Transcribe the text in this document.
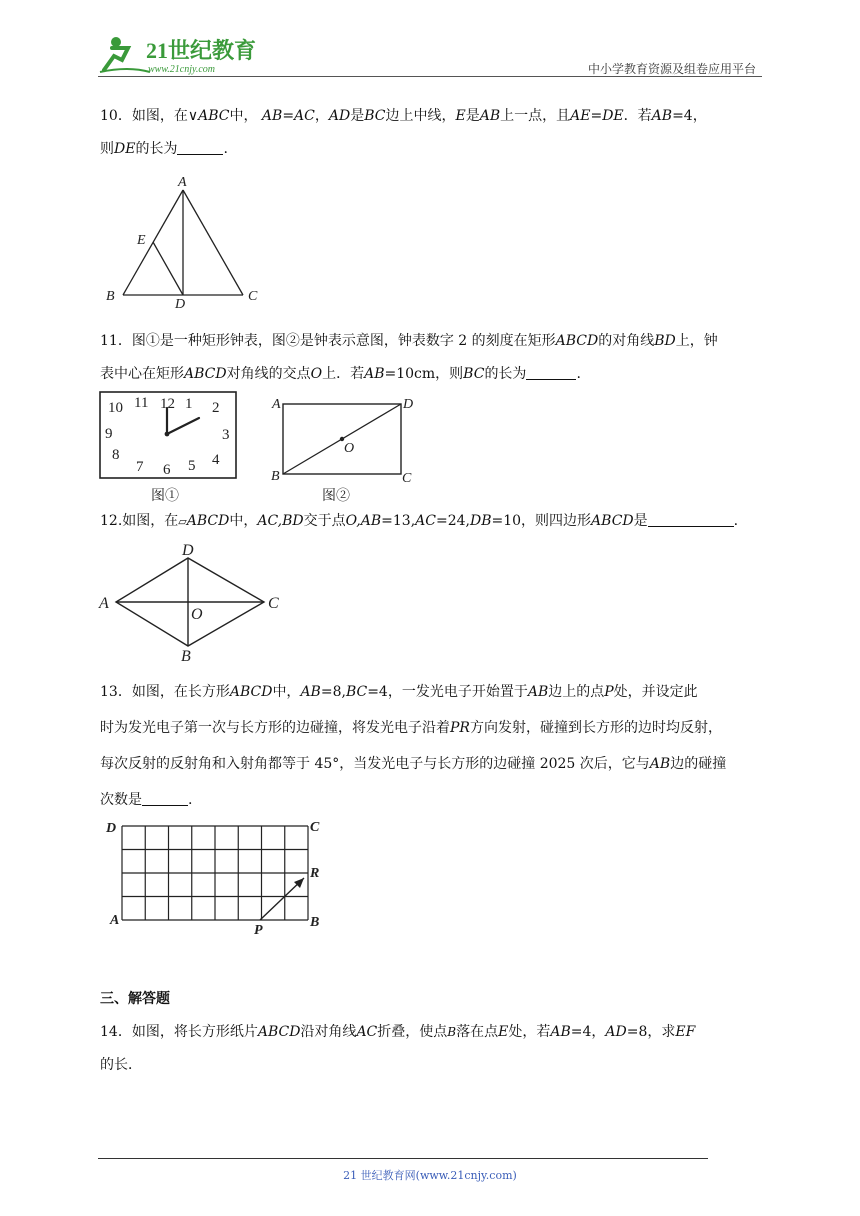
21世纪教育
www.21cnjy.com	中小学教育资源及组卷应用平台
10．如图，在∨ABC中， AB=AC，AD是BC边上中线，E是AB上一点，且AE=DE．若AB=4，
则DE的长为	.
A
E
B
D
C
11．图①是一种矩形钟表，图②是钟表示意图，钟表数字 2 的刻度在矩形ABCD的对角线BD上，钟
表中心在矩形ABCD对角线的交点O上．若AB=10cm，则BC的长为	.
12 1 2
3
4
5
6
7
8
9
10 11
图①
A	D
B	C
O
图②
12.如图，在▱ABCD中，AC,BD交于点O,AB=13,AC=24,DB=10，则四边形ABCD是	.
D
A	C
O
B
13．如图，在长方形ABCD中，AB=8,BC=4，一发光电子开始置于AB边上的点P处，并设定此
时为发光电子第一次与长方形的边碰撞，将发光电子沿着PR方向发射，碰撞到长方形的边时均反射，
每次反射的反射角和入射角都等于 45°，当发光电子与长方形的边碰撞 2025 次后，它与AB边的碰撞
次数是	.
D	C
R
A	B
P
三、解答题
14．如图，将长方形纸片ABCD沿对角线AC折叠，使点B落在点E处，若AB=4，AD=8，求EF
的长．
21 世纪教育网(www.21cnjy.com)
